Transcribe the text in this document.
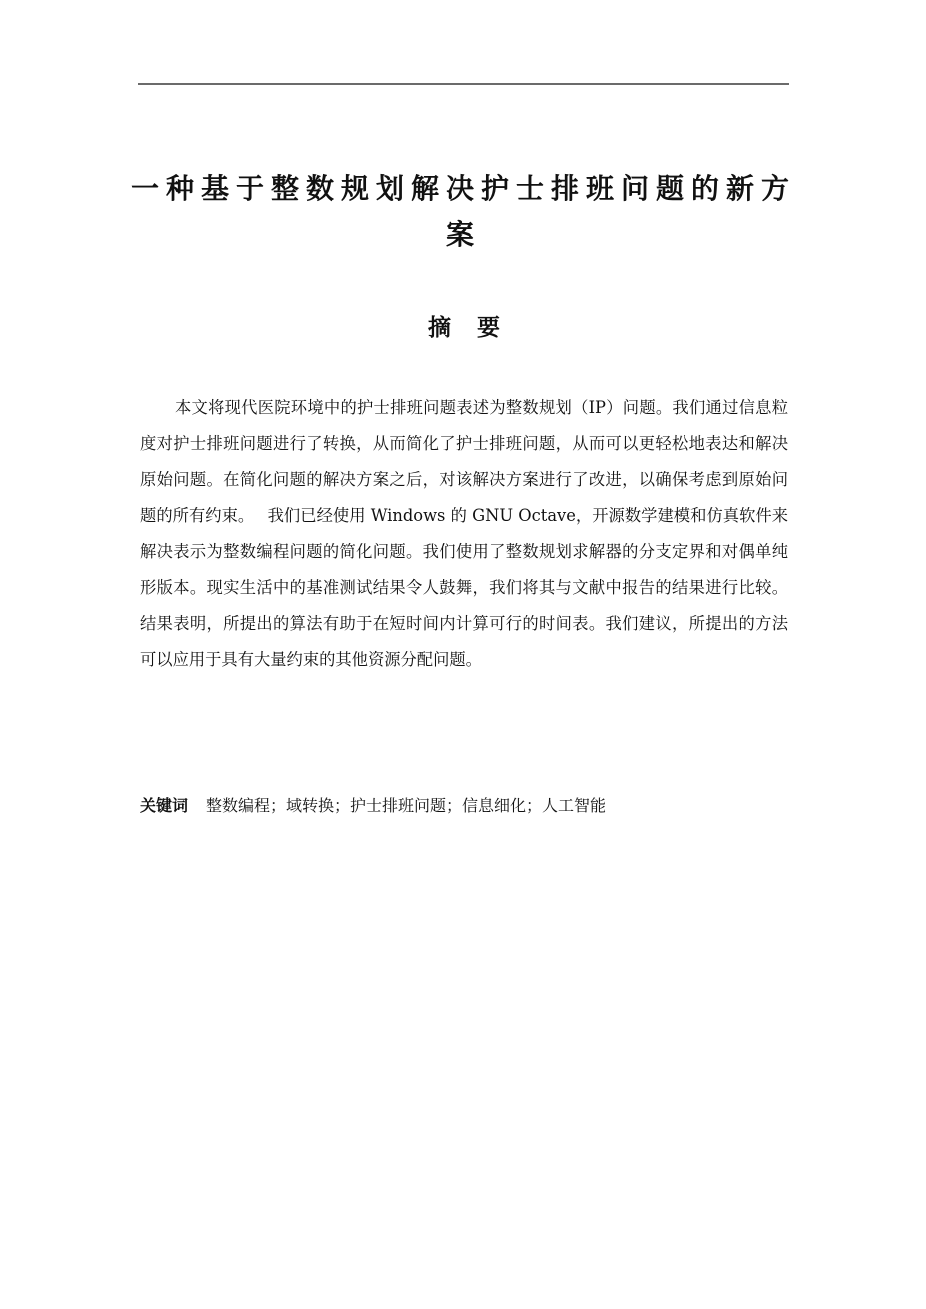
一种基于整数规划解决护士排班问题的新方案
摘要

本文将现代医院环境中的护士排班问题表述为整数规划（IP）问题。我们通过信息粒度对护士排班问题进行了转换，从而简化了护士排班问题，从而可以更轻松地表达和解决原始问题。在简化问题的解决方案之后，对该解决方案进行了改进，以确保考虑到原始问题的所有约束。　 我们已经使用 Windows 的 GNU Octave，开源数学建模和仿真软件来解决表示为整数编程问题的简化问题。我们使用了整数规划求解器的分支定界和对偶单纯形版本。现实生活中的基准测试结果令人鼓舞，我们将其与文献中报告的结果进行比较。结果表明，所提出的算法有助于在短时间内计算可行的时间表。我们建议，所提出的方法可以应用于具有大量约束的其他资源分配问题。

关键词 整数编程；域转换；护士排班问题；信息细化；人工智能
